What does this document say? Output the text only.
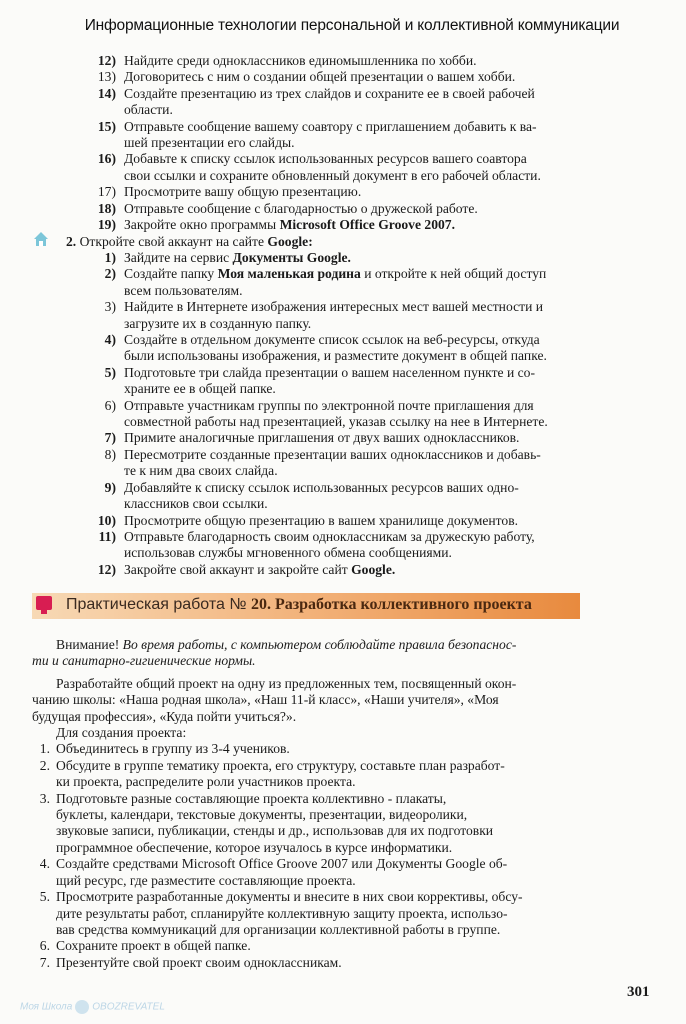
Информационные технологии персональной и коллективной коммуникации
12) Найдите среди одноклассников единомышленника по хобби.
13) Договоритесь с ним о создании общей презентации о вашем хобби.
14) Создайте презентацию из трех слайдов и сохраните ее в своей рабочей
области.
15) Отправьте сообщение вашему соавтору с приглашением добавить к ва-
шей презентации его слайды.
16) Добавьте к списку ссылок использованных ресурсов вашего соавтора
свои ссылки и сохраните обновленный документ в его рабочей области.
17) Просмотрите вашу общую презентацию.
18) Отправьте сообщение с благодарностью о дружеской работе.
19) Закройте окно программы Microsoft Office Groove 2007.
2. Откройте свой аккаунт на сайте Google:
1) Зайдите на сервис Документы Google.
2) Создайте папку Моя маленькая родина и откройте к ней общий доступ
всем пользователям.
3) Найдите в Интернете изображения интересных мест вашей местности и
загрузите их в созданную папку.
4) Создайте в отдельном документе список ссылок на веб-ресурсы, откуда
были использованы изображения, и разместите документ в общей папке.
5) Подготовьте три слайда презентации о вашем населенном пункте и со-
храните ее в общей папке.
6) Отправьте участникам группы по электронной почте приглашения для
совместной работы над презентацией, указав ссылку на нее в Интернете.
7) Примите аналогичные приглашения от двух ваших одноклассников.
8) Пересмотрите созданные презентации ваших одноклассников и добавь-
те к ним два своих слайда.
9) Добавляйте к списку ссылок использованных ресурсов ваших одно-
классников свои ссылки.
10) Просмотрите общую презентацию в вашем хранилище документов.
11) Отправьте благодарность своим одноклассникам за дружескую работу,
использовав службы мгновенного обмена сообщениями.
12) Закройте свой аккаунт и закройте сайт Google.
Практическая работа № 20. Разработка коллективного проекта
Внимание! Во время работы, с компьютером соблюдайте правила безопаснос-
ти и санитарно-гигиенические нормы.
Разработайте общий проект на одну из предложенных тем, посвященный окон-
чанию школы: «Наша родная школа», «Наш 11-й класс», «Наши учителя», «Моя
будущая профессия», «Куда пойти учиться?».
Для создания проекта:
1. Объединитесь в группу из 3-4 учеников.
2. Обсудите в группе тематику проекта, его структуру, составьте план разработ-
ки проекта, распределите роли участников проекта.
3. Подготовьте разные составляющие проекта коллективно - плакаты,
буклеты, календари, текстовые документы, презентации, видеоролики,
звуковые записи, публикации, стенды и др., использовав для их подготовки
программное обеспечение, которое изучалось в курсе информатики.
4. Создайте средствами Microsoft Office Groove 2007 или Документы Google об-
щий ресурс, где разместите составляющие проекта.
5. Просмотрите разработанные документы и внесите в них свои коррективы, обсу-
дите результаты работ, спланируйте коллективную защиту проекта, использо-
вав средства коммуникаций для организации коллективной работы в группе.
6. Сохраните проект в общей папке.
7. Презентуйте свой проект своим одноклассникам.
301
Моя Школа OBOZREVATEL
